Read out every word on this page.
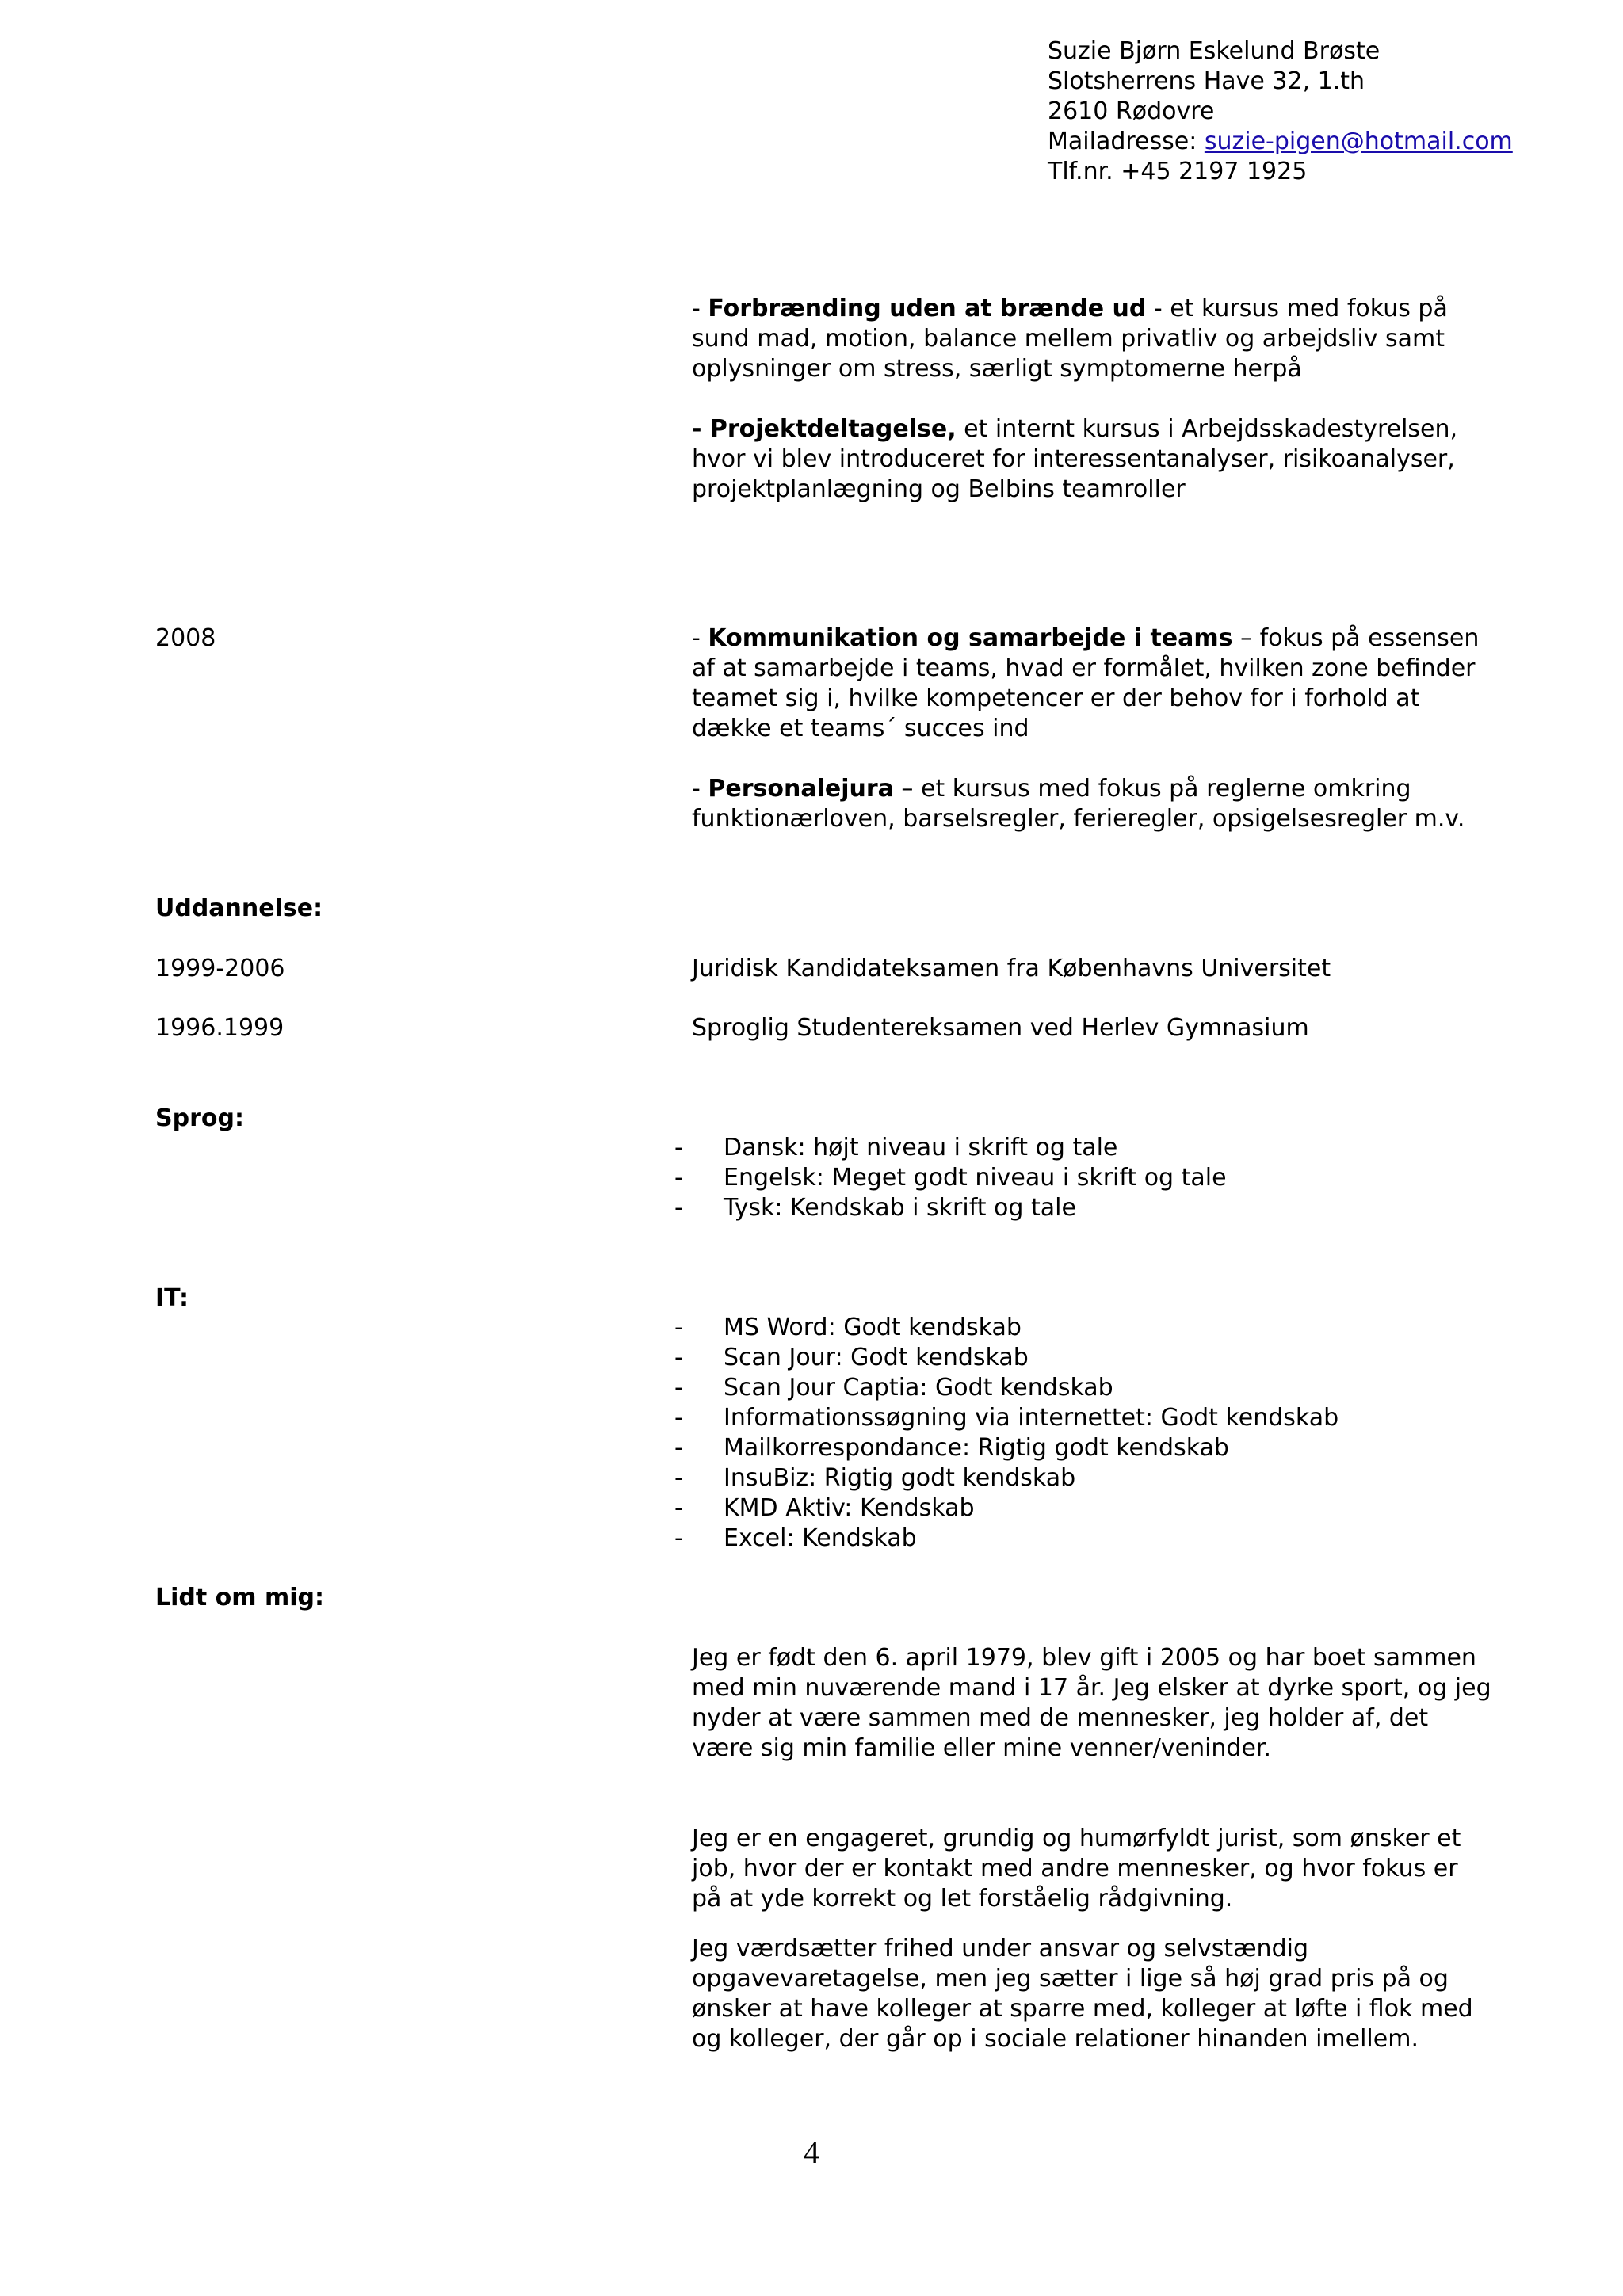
Suzie Bjørn Eskelund Brøste
Slotsherrens Have 32, 1.th
2610 Rødovre
Mailadresse: suzie-pigen@hotmail.com
Tlf.nr. +45 2197 1925

- Forbrænding uden at brænde ud - et kursus med fokus på sund mad, motion, balance mellem privatliv og arbejdsliv samt oplysninger om stress, særligt symptomerne herpå

- Projektdeltagelse, et internt kursus i Arbejdsskadestyrelsen, hvor vi blev introduceret for interessentanalyser, risikoanalyser, projektplanlægning og Belbins teamroller

2008	- Kommunikation og samarbejde i teams – fokus på essensen af at samarbejde i teams, hvad er formålet, hvilken zone befinder teamet sig i, hvilke kompetencer er der behov for i forhold at dække et teams´ succes ind

- Personalejura – et kursus med fokus på reglerne omkring funktionærloven, barselsregler, ferieregler, opsigelsesregler m.v.

Uddannelse:
1999-2006	Juridisk Kandidateksamen fra Københavns Universitet
1996.1999	Sproglig Studentereksamen ved Herlev Gymnasium
Sprog:
- Dansk: højt niveau i skrift og tale
- Engelsk: Meget godt niveau i skrift og tale
- Tysk: Kendskab i skrift og tale
IT:
- MS Word: Godt kendskab
- Scan Jour: Godt kendskab
- Scan Jour Captia: Godt kendskab
- Informationssøgning via internettet: Godt kendskab
- Mailkorrespondance: Rigtig godt kendskab
- InsuBiz: Rigtig godt kendskab
- KMD Aktiv: Kendskab
- Excel: Kendskab
Lidt om mig:
Jeg er født den 6. april 1979, blev gift i 2005 og har boet sammen med min nuværende mand i 17 år. Jeg elsker at dyrke sport, og jeg nyder at være sammen med de mennesker, jeg holder af, det være sig min familie eller mine venner/veninder.
Jeg er en engageret, grundig og humørfyldt jurist, som ønsker et job, hvor der er kontakt med andre mennesker, og hvor fokus er på at yde korrekt og let forståelig rådgivning.
Jeg værdsætter frihed under ansvar og selvstændig opgavevaretagelse, men jeg sætter i lige så høj grad pris på og ønsker at have kolleger at sparre med, kolleger at løfte i flok med og kolleger, der går op i sociale relationer hinanden imellem.
4
